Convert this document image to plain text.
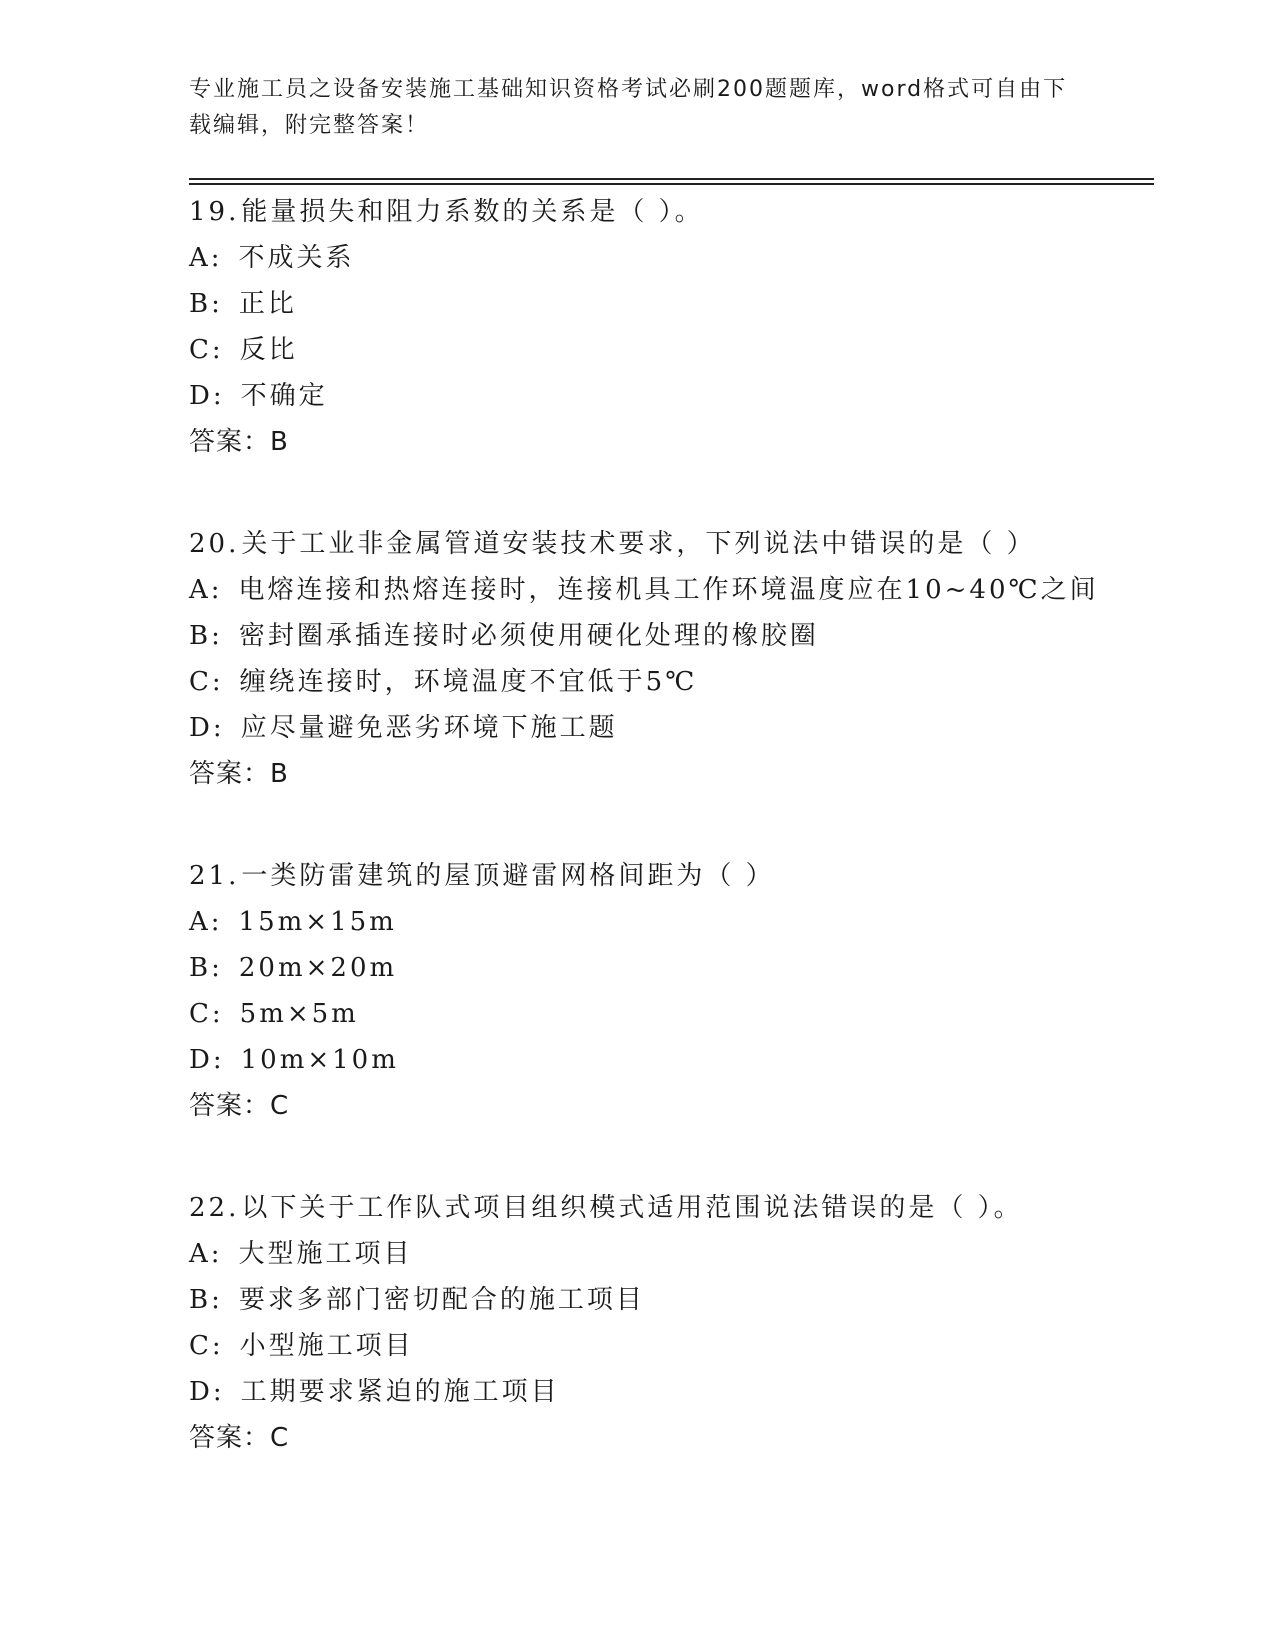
专业施工员之设备安装施工基础知识资格考试必刷200题题库，word格式可自由下载编辑，附完整答案！

19.能量损失和阻力系数的关系是（ ）。
A: 不成关系
B: 正比
C: 反比
D: 不确定
答案：B
20.关于工业非金属管道安装技术要求，下列说法中错误的是（ ）
A: 电熔连接和热熔连接时，连接机具工作环境温度应在10~40℃之间
B: 密封圈承插连接时必须使用硬化处理的橡胶圈
C: 缠绕连接时，环境温度不宜低于5℃
D: 应尽量避免恶劣环境下施工题
答案：B
21.一类防雷建筑的屋顶避雷网格间距为（ ）
A: 15m×15m
B: 20m×20m
C: 5m×5m
D: 10m×10m
答案：C
22.以下关于工作队式项目组织模式适用范围说法错误的是（ ）。
A: 大型施工项目
B: 要求多部门密切配合的施工项目
C: 小型施工项目
D: 工期要求紧迫的施工项目
答案：C
